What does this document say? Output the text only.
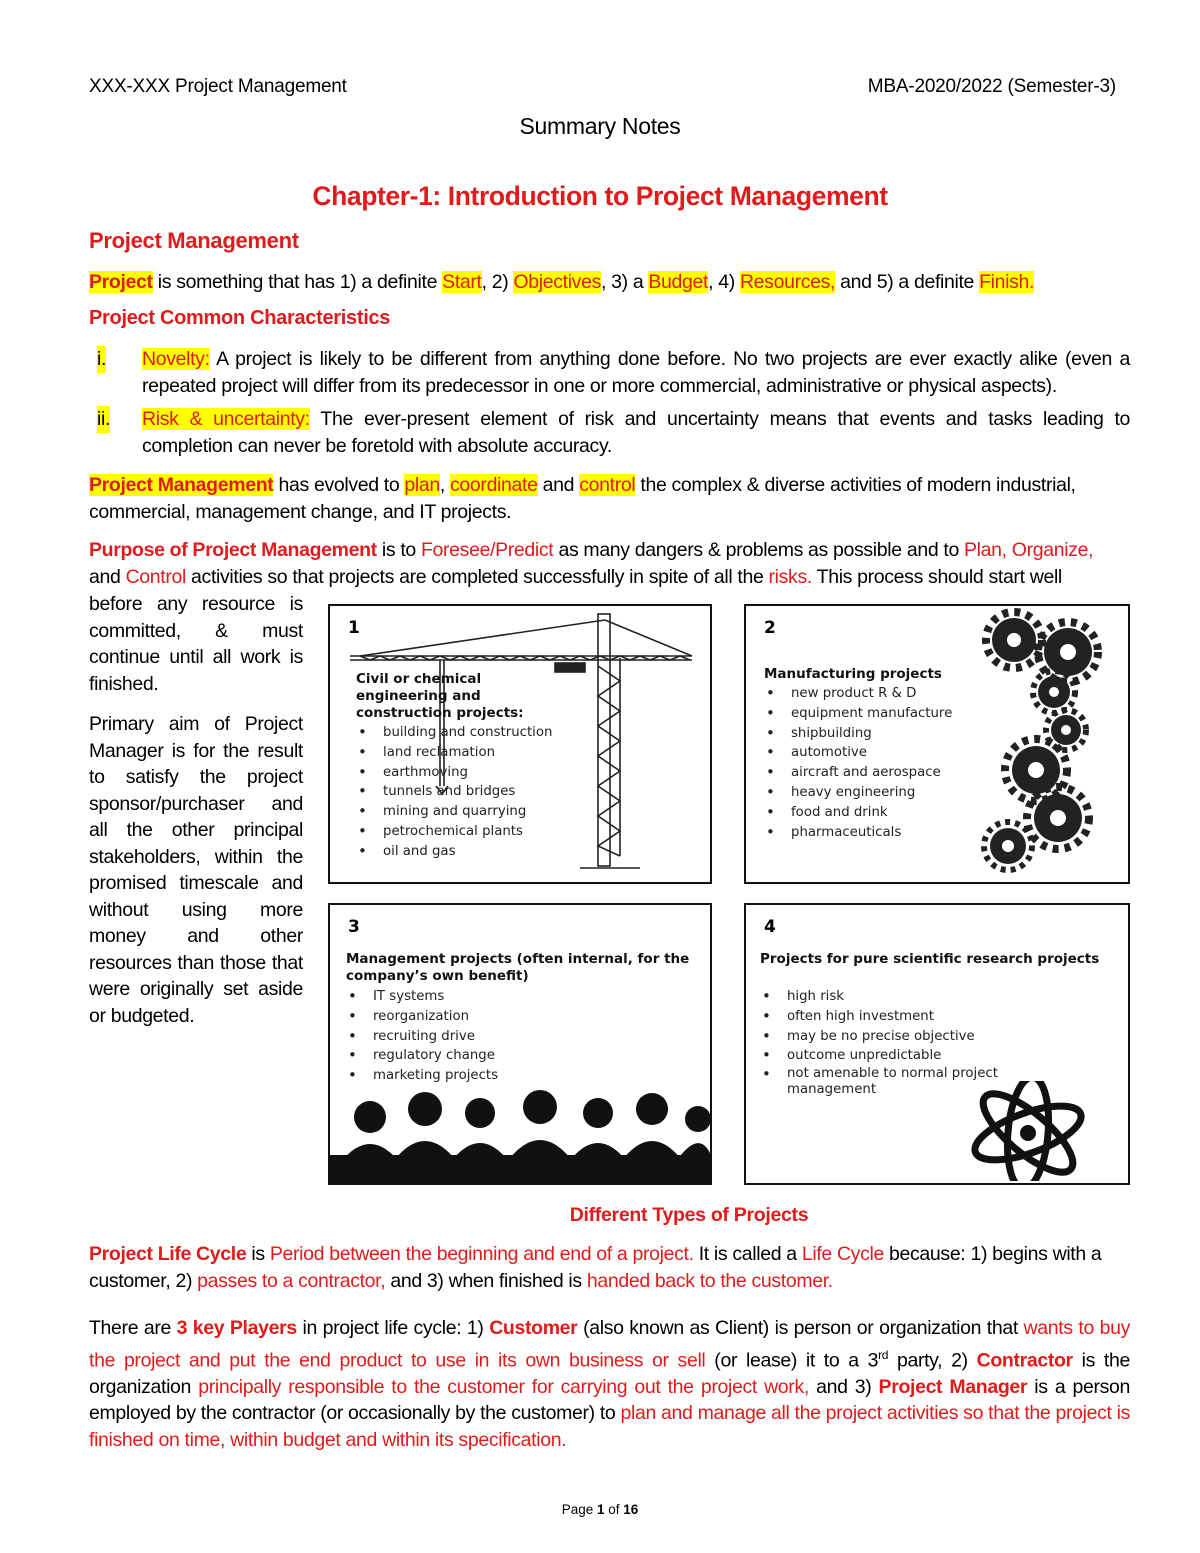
XXX-XXX Project Management	MBA-2020/2022 (Semester-3)
Summary Notes
Chapter-1: Introduction to Project Management
Project Management
Project is something that has 1) a definite Start, 2) Objectives, 3) a Budget, 4) Resources, and 5) a definite Finish.
Project Common Characteristics
i. Novelty: A project is likely to be different from anything done before. No two projects are ever exactly alike (even a repeated project will differ from its predecessor in one or more commercial, administrative or physical aspects).
ii. Risk & uncertainty: The ever-present element of risk and uncertainty means that events and tasks leading to completion can never be foretold with absolute accuracy.
Project Management has evolved to plan, coordinate and control the complex & diverse activities of modern industrial, commercial, management change, and IT projects.
Purpose of Project Management is to Foresee/Predict as many dangers & problems as possible and to Plan, Organize,
and Control activities so that projects are completed successfully in spite of all the risks. This process should start well
before any resource is committed, & must continue until all work is finished.
Primary aim of Project Manager is for the result to satisfy the project sponsor/purchaser and all the other principal stakeholders, within the promised timescale and without using more money and other resources than those that were originally set aside or budgeted.
1
Civil or chemical engineering and construction projects:
• building and construction
• land reclamation
• earthmoving
• tunnels and bridges
• mining and quarrying
• petrochemical plants
• oil and gas
2
Manufacturing projects
• new product R & D
• equipment manufacture
• shipbuilding
• automotive
• aircraft and aerospace
• heavy engineering
• food and drink
• pharmaceuticals
3
Management projects (often internal, for the company’s own benefit)
• IT systems
• reorganization
• recruiting drive
• regulatory change
• marketing projects
4
Projects for pure scientific research projects
• high risk
• often high investment
• may be no precise objective
• outcome unpredictable
• not amenable to normal project management
Different Types of Projects
Project Life Cycle is Period between the beginning and end of a project. It is called a Life Cycle because: 1) begins with a customer, 2) passes to a contractor, and 3) when finished is handed back to the customer.
There are 3 key Players in project life cycle: 1) Customer (also known as Client) is person or organization that wants to buy the project and put the end product to use in its own business or sell (or lease) it to a 3rd party, 2) Contractor is the organization principally responsible to the customer for carrying out the project work, and 3) Project Manager is a person employed by the contractor (or occasionally by the customer) to plan and manage all the project activities so that the project is finished on time, within budget and within its specification.
Page 1 of 16
